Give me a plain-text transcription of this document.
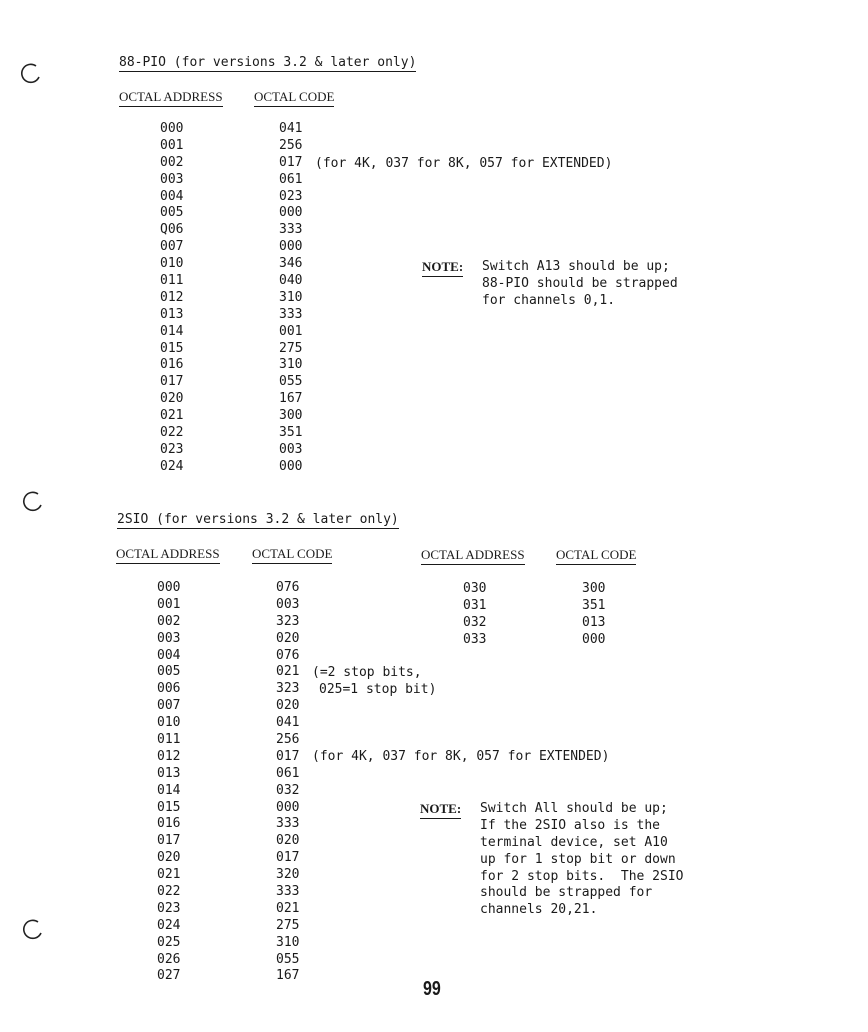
88-PIO (for versions 3.2 & later only)
OCTAL ADDRESS OCTAL CODE
000
001
002
003
004
005
Q06
007
010
011
012
013
014
015
016
017
020
021
022
023
024
041
256
017
061
023
000
333
000
346
040
310
333
001
275
310
055
167
300
351
003
000
(for 4K, 037 for 8K, 057 for EXTENDED)
NOTE: Switch A13 should be up;
88-PIO should be strapped
for channels 0,1.
2SIO (for versions 3.2 & later only)
OCTAL ADDRESS OCTAL CODE	OCTAL ADDRESS OCTAL CODE
000
001
002
003
004
005
006
007
010
011
012
013
014
015
016
017
020
021
022
023
024
025
026
027
076
003
323
020
076
021
323
020
041
256
017
061
032
000
333
020
017
320
333
021
275
310
055
167
030
031
032
033
300
351
013
000
(=2 stop bits,
025=1 stop bit)
(for 4K, 037 for 8K, 057 for EXTENDED)
NOTE: Switch All should be up;
If the 2SIO also is the
terminal device, set A10
up for 1 stop bit or down
for 2 stop bits.  The 2SIO
should be strapped for
channels 20,21.
99
